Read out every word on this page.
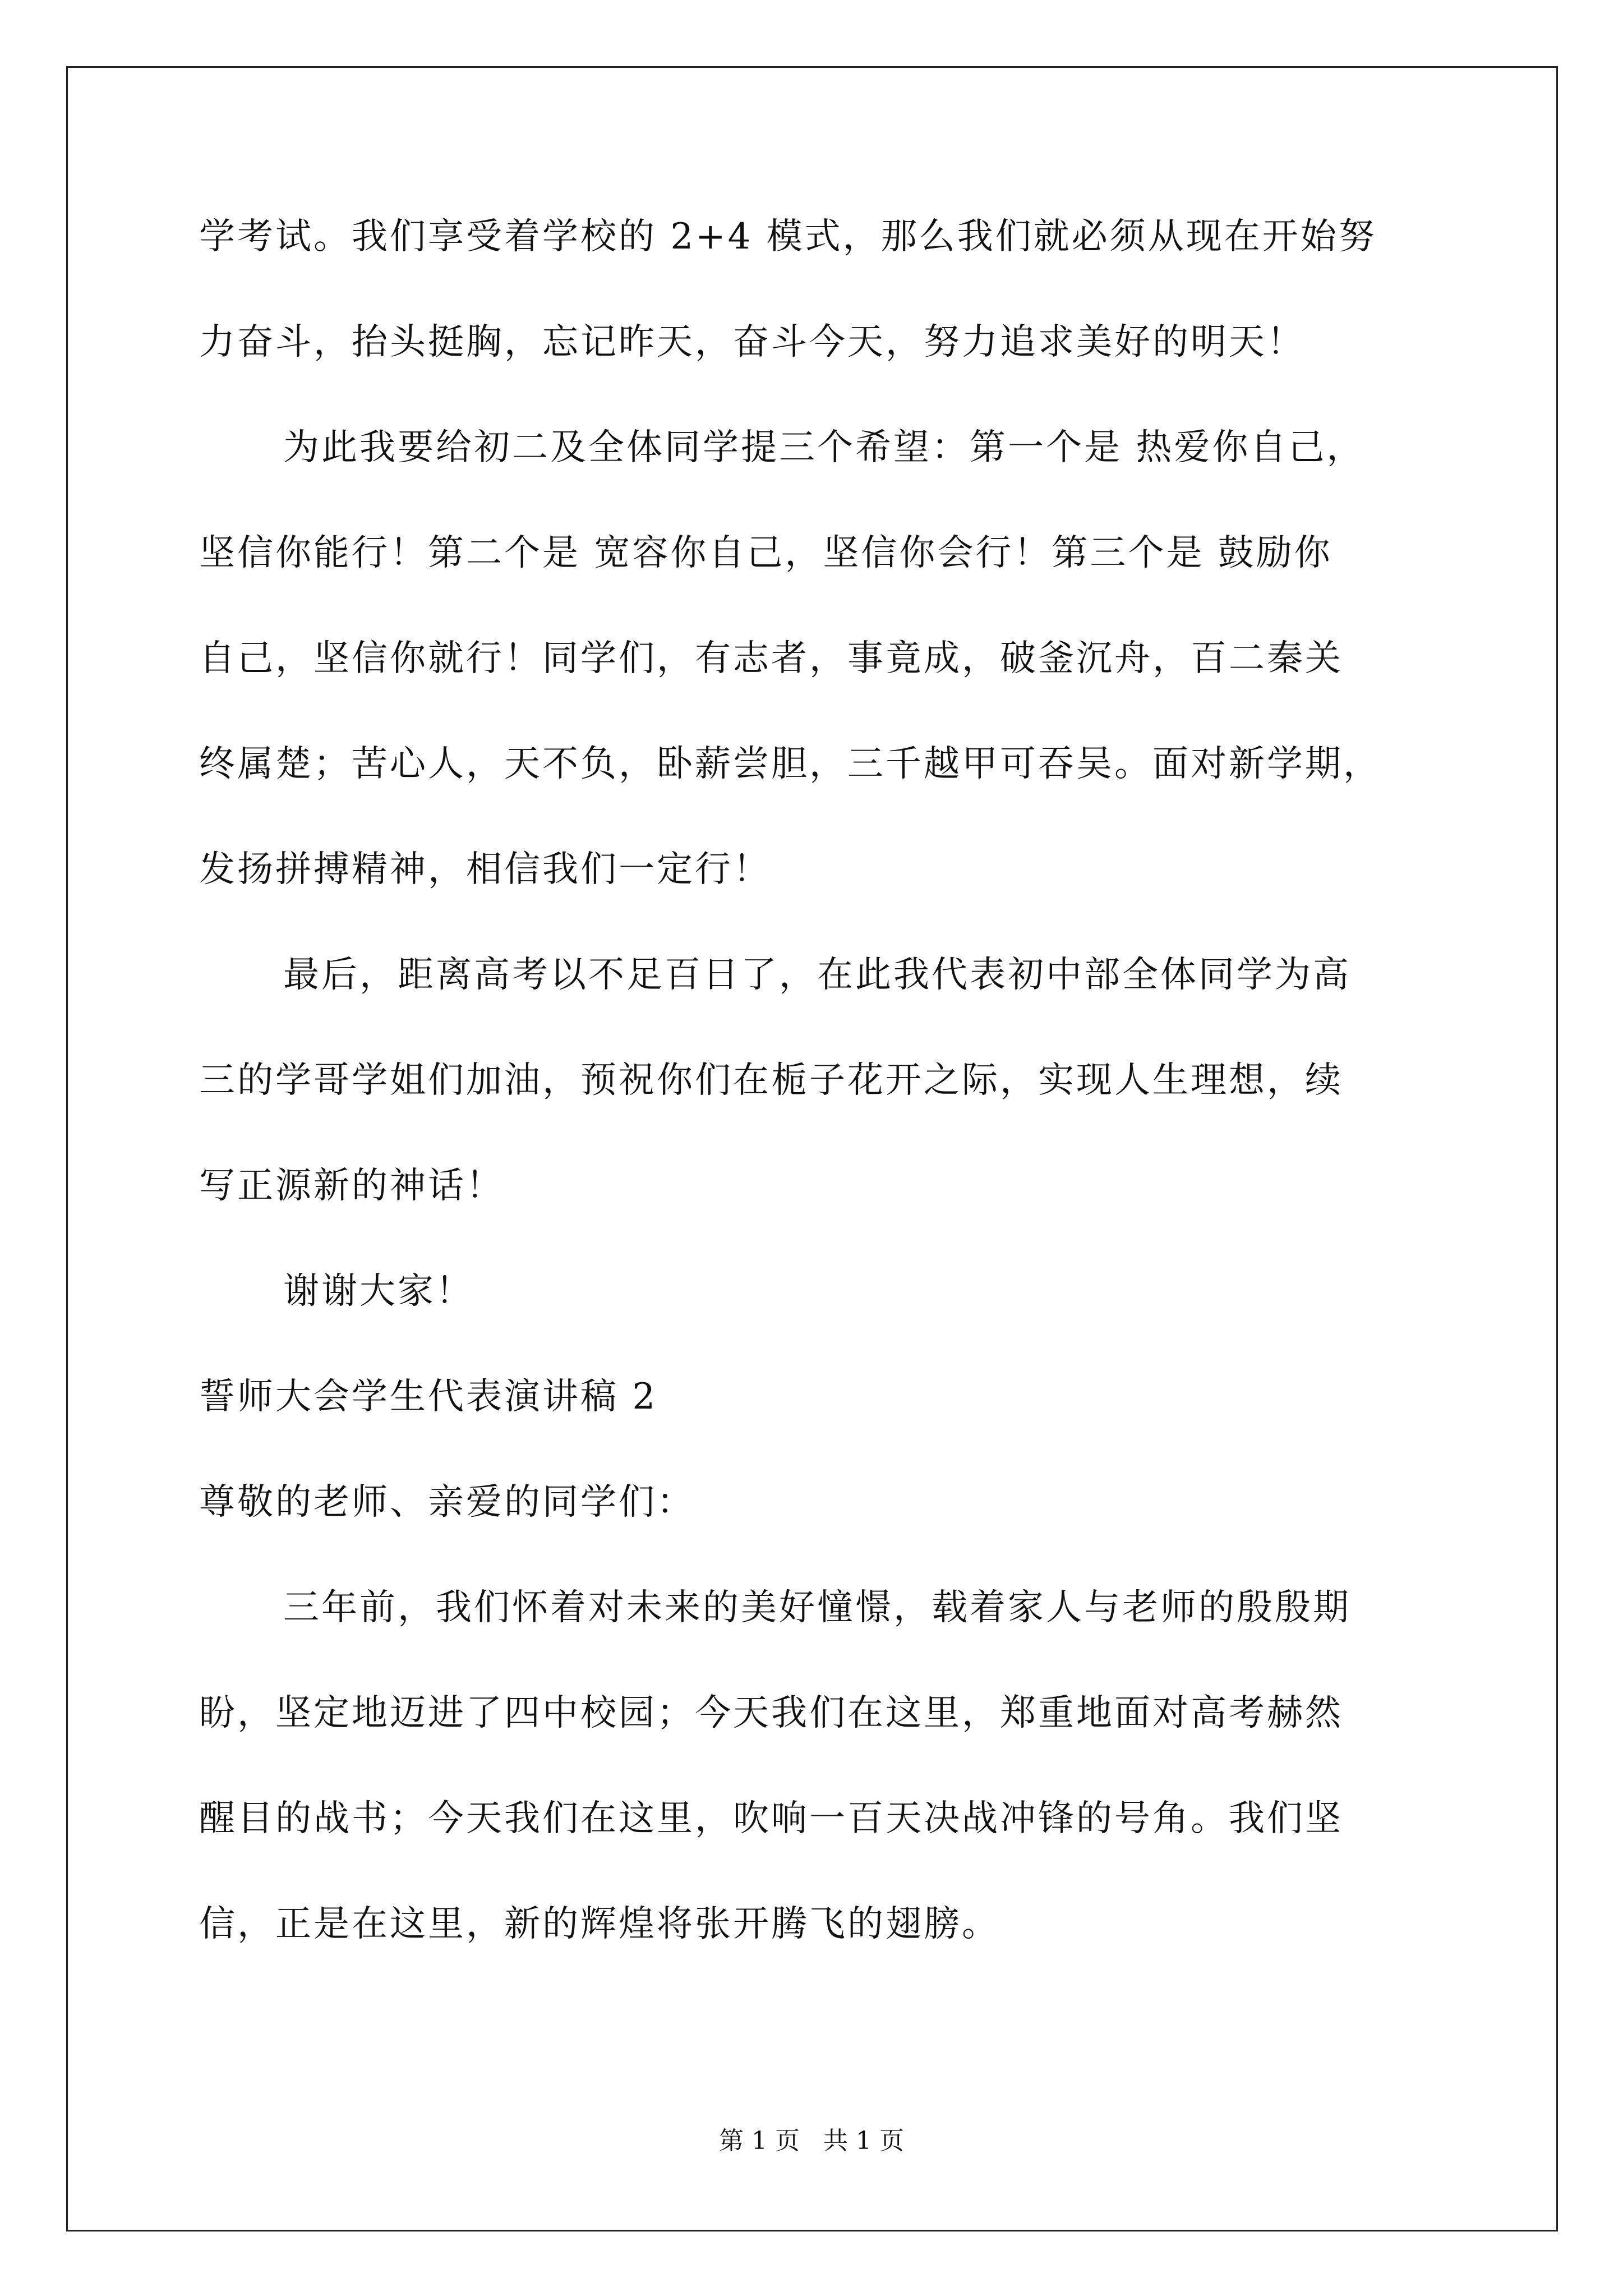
学考试。我们享受着学校的 2+4 模式，那么我们就必须从现在开始努
力奋斗，抬头挺胸，忘记昨天，奋斗今天，努力追求美好的明天！
为此我要给初二及全体同学提三个希望：第一个是 热爱你自己，
坚信你能行！第二个是 宽容你自己，坚信你会行！第三个是 鼓励你
自己，坚信你就行！同学们，有志者，事竟成，破釜沉舟，百二秦关
终属楚；苦心人，天不负，卧薪尝胆，三千越甲可吞吴。面对新学期，
发扬拼搏精神，相信我们一定行！
最后，距离高考以不足百日了，在此我代表初中部全体同学为高
三的学哥学姐们加油，预祝你们在栀子花开之际，实现人生理想，续
写正源新的神话！
谢谢大家！
誓师大会学生代表演讲稿 2
尊敬的老师、亲爱的同学们：
三年前，我们怀着对未来的美好憧憬，载着家人与老师的殷殷期
盼，坚定地迈进了四中校园；今天我们在这里，郑重地面对高考赫然
醒目的战书；今天我们在这里，吹响一百天决战冲锋的号角。我们坚
信，正是在这里，新的辉煌将张开腾飞的翅膀。
第 1 页   共 1 页
